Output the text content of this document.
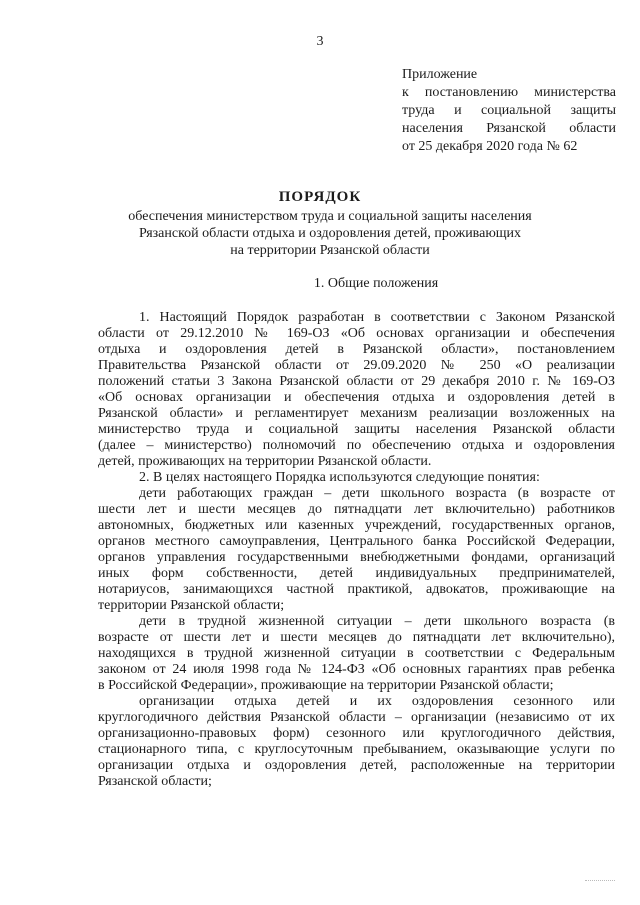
3
Приложение
к постановлению министерства
труда и социальной защиты
населения Рязанской области
от 25 декабря 2020 года № 62
ПОРЯДОК
обеспечения министерством труда и социальной защиты населения
Рязанской области отдыха и оздоровления детей, проживающих
на территории Рязанской области
1. Общие положения
1. Настоящий Порядок разработан в соответствии с Законом Рязанской
области от 29.12.2010 № 169-ОЗ «Об основах организации и обеспечения
отдыха и оздоровления детей в Рязанской области», постановлением
Правительства Рязанской области от 29.09.2020 № 250 «О реализации
положений статьи 3 Закона Рязанской области от 29 декабря 2010 г. № 169-ОЗ
«Об основах организации и обеспечения отдыха и оздоровления детей в
Рязанской области» и регламентирует механизм реализации возложенных на
министерство труда и социальной защиты населения Рязанской области
(далее – министерство) полномочий по обеспечению отдыха и оздоровления
детей, проживающих на территории Рязанской области.
2. В целях настоящего Порядка используются следующие понятия:
дети работающих граждан – дети школьного возраста (в возрасте от
шести лет и шести месяцев до пятнадцати лет включительно) работников
автономных, бюджетных или казенных учреждений, государственных органов,
органов местного самоуправления, Центрального банка Российской Федерации,
органов управления государственными внебюджетными фондами, организаций
иных форм собственности, детей индивидуальных предпринимателей,
нотариусов, занимающихся частной практикой, адвокатов, проживающие на
территории Рязанской области;
дети в трудной жизненной ситуации – дети школьного возраста (в
возрасте от шести лет и шести месяцев до пятнадцати лет включительно),
находящихся в трудной жизненной ситуации в соответствии с Федеральным
законом от 24 июля 1998 года № 124-ФЗ «Об основных гарантиях прав ребенка
в Российской Федерации», проживающие на территории Рязанской области;
организации отдыха детей и их оздоровления сезонного или
круглогодичного действия Рязанской области – организации (независимо от их
организационно-правовых форм) сезонного или круглогодичного действия,
стационарного типа, с круглосуточным пребыванием, оказывающие услуги по
организации отдыха и оздоровления детей, расположенные на территории
Рязанской области;
